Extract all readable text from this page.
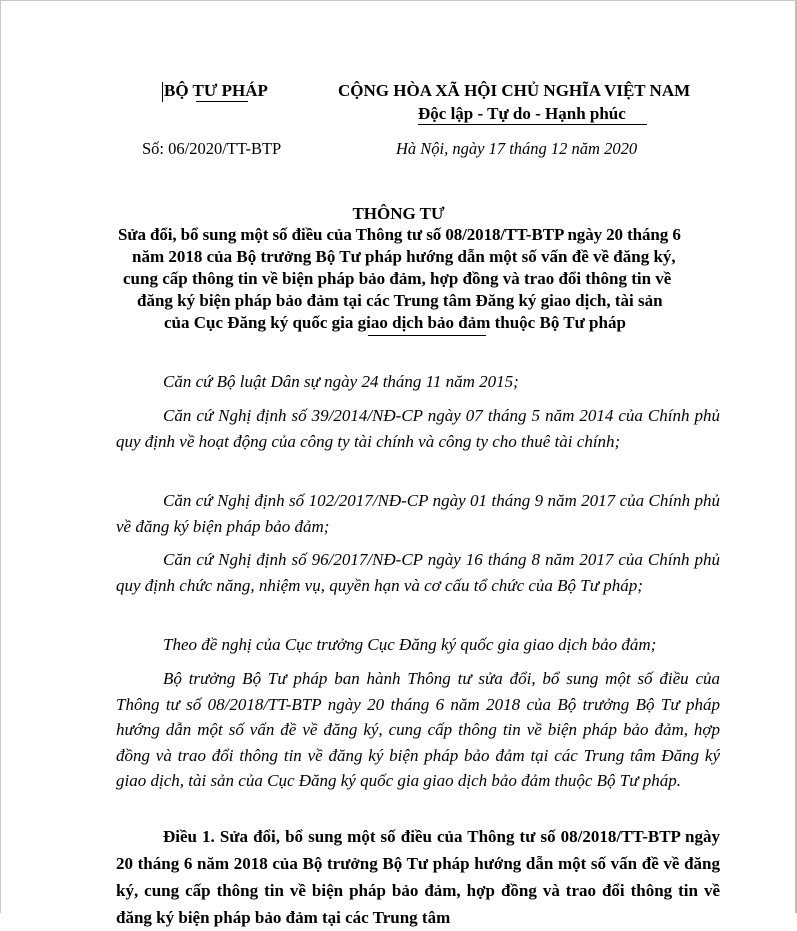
BỘ TƯ PHÁP
Số: 06/2020/TT-BTP
CỘNG HÒA XÃ HỘI CHỦ NGHĨA VIỆT NAM
Độc lập - Tự do - Hạnh phúc
Hà Nội, ngày 17 tháng 12 năm 2020
THÔNG TƯ
Sửa đổi, bổ sung một số điều của Thông tư số 08/2018/TT-BTP ngày 20 tháng 6
năm 2018 của Bộ trưởng Bộ Tư pháp hướng dẫn một số vấn đề về đăng ký,
cung cấp thông tin về biện pháp bảo đảm, hợp đồng và trao đổi thông tin về
đăng ký biện pháp bảo đảm tại các Trung tâm Đăng ký giao dịch, tài sản
của Cục Đăng ký quốc gia giao dịch bảo đảm thuộc Bộ Tư pháp
Căn cứ Bộ luật Dân sự ngày 24 tháng 11 năm 2015;
Căn cứ Nghị định số 39/2014/NĐ-CP ngày 07 tháng 5 năm 2014 của Chính phủ quy định về hoạt động của công ty tài chính và công ty cho thuê tài chính;
Căn cứ Nghị định số 102/2017/NĐ-CP ngày 01 tháng 9 năm 2017 của Chính phủ về đăng ký biện pháp bảo đảm;
Căn cứ Nghị định số 96/2017/NĐ-CP ngày 16 tháng 8 năm 2017 của Chính phủ quy định chức năng, nhiệm vụ, quyền hạn và cơ cấu tổ chức của Bộ Tư pháp;
Theo đề nghị của Cục trưởng Cục Đăng ký quốc gia giao dịch bảo đảm;
Bộ trưởng Bộ Tư pháp ban hành Thông tư sửa đổi, bổ sung một số điều của Thông tư số 08/2018/TT-BTP ngày 20 tháng 6 năm 2018 của Bộ trưởng Bộ Tư pháp hướng dẫn một số vấn đề về đăng ký, cung cấp thông tin về biện pháp bảo đảm, hợp đồng và trao đổi thông tin về đăng ký biện pháp bảo đảm tại các Trung tâm Đăng ký giao dịch, tài sản của Cục Đăng ký quốc gia giao dịch bảo đảm thuộc Bộ Tư pháp.
Điều 1. Sửa đổi, bổ sung một số điều của Thông tư số 08/2018/TT-BTP ngày 20 tháng 6 năm 2018 của Bộ trưởng Bộ Tư pháp hướng dẫn một số vấn đề về đăng ký, cung cấp thông tin về biện pháp bảo đảm, hợp đồng và trao đổi thông tin về đăng ký biện pháp bảo đảm tại các Trung tâm
